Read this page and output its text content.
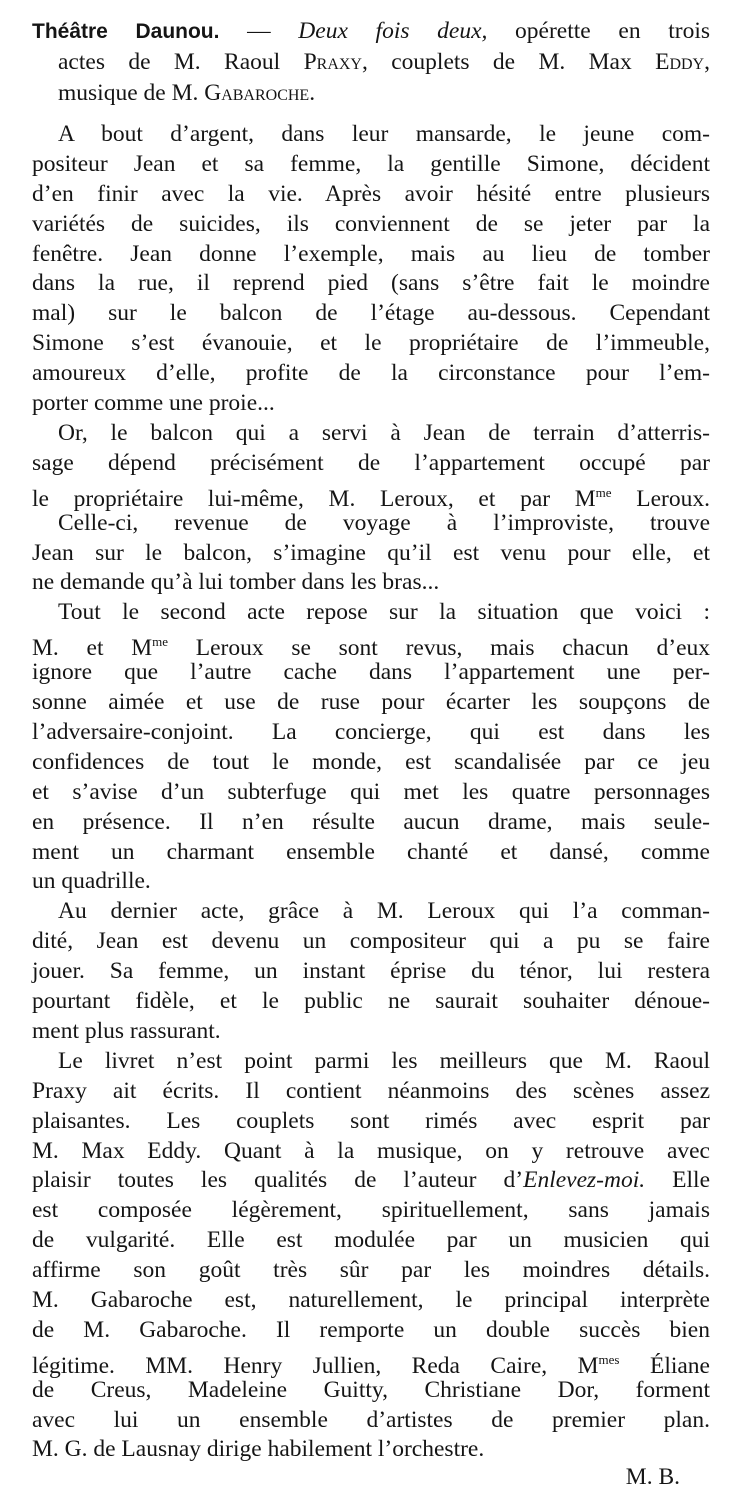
Théâtre Daunou. — Deux fois deux, opérette en trois
actes de M. Raoul Praxy, couplets de M. Max Eddy,
musique de M. Gabaroche.
A bout d’argent, dans leur mansarde, le jeune com-
positeur Jean et sa femme, la gentille Simone, décident
d’en finir avec la vie. Après avoir hésité entre plusieurs
variétés de suicides, ils conviennent de se jeter par la
fenêtre. Jean donne l’exemple, mais au lieu de tomber
dans la rue, il reprend pied (sans s’être fait le moindre
mal) sur le balcon de l’étage au-dessous. Cependant
Simone s’est évanouie, et le propriétaire de l’immeuble,
amoureux d’elle, profite de la circonstance pour l’em-
porter comme une proie...
Or, le balcon qui a servi à Jean de terrain d’atterris-
sage dépend précisément de l’appartement occupé par
le propriétaire lui-même, M. Leroux, et par $M^{me}$ Leroux.
Celle-ci, revenue de voyage à l’improviste, trouve
Jean sur le balcon, s’imagine qu’il est venu pour elle, et
ne demande qu’à lui tomber dans les bras...
Tout le second acte repose sur la situation que voici :
M. et $M^{me}$ Leroux se sont revus, mais chacun d’eux
ignore que l’autre cache dans l’appartement une per-
sonne aimée et use de ruse pour écarter les soupçons de
l’adversaire-conjoint. La concierge, qui est dans les
confidences de tout le monde, est scandalisée par ce jeu
et s’avise d’un subterfuge qui met les quatre personnages
en présence. Il n’en résulte aucun drame, mais seule-
ment un charmant ensemble chanté et dansé, comme
un quadrille.
Au dernier acte, grâce à M. Leroux qui l’a comman-
dité, Jean est devenu un compositeur qui a pu se faire
jouer. Sa femme, un instant éprise du ténor, lui restera
pourtant fidèle, et le public ne saurait souhaiter dénoue-
ment plus rassurant.
Le livret n’est point parmi les meilleurs que M. Raoul
Praxy ait écrits. Il contient néanmoins des scènes assez
plaisantes. Les couplets sont rimés avec esprit par
M. Max Eddy. Quant à la musique, on y retrouve avec
plaisir toutes les qualités de l’auteur d’Enlevez-moi. Elle
est composée légèrement, spirituellement, sans jamais
de vulgarité. Elle est modulée par un musicien qui
affirme son goût très sûr par les moindres détails.
M. Gabaroche est, naturellement, le principal interprète
de M. Gabaroche. Il remporte un double succès bien
légitime. MM. Henry Jullien, Reda Caire, $M^{mes}$ Éliane
de Creus, Madeleine Guitty, Christiane Dor, forment
avec lui un ensemble d’artistes de premier plan.
M. G. de Lausnay dirige habilement l’orchestre.
M. B.
